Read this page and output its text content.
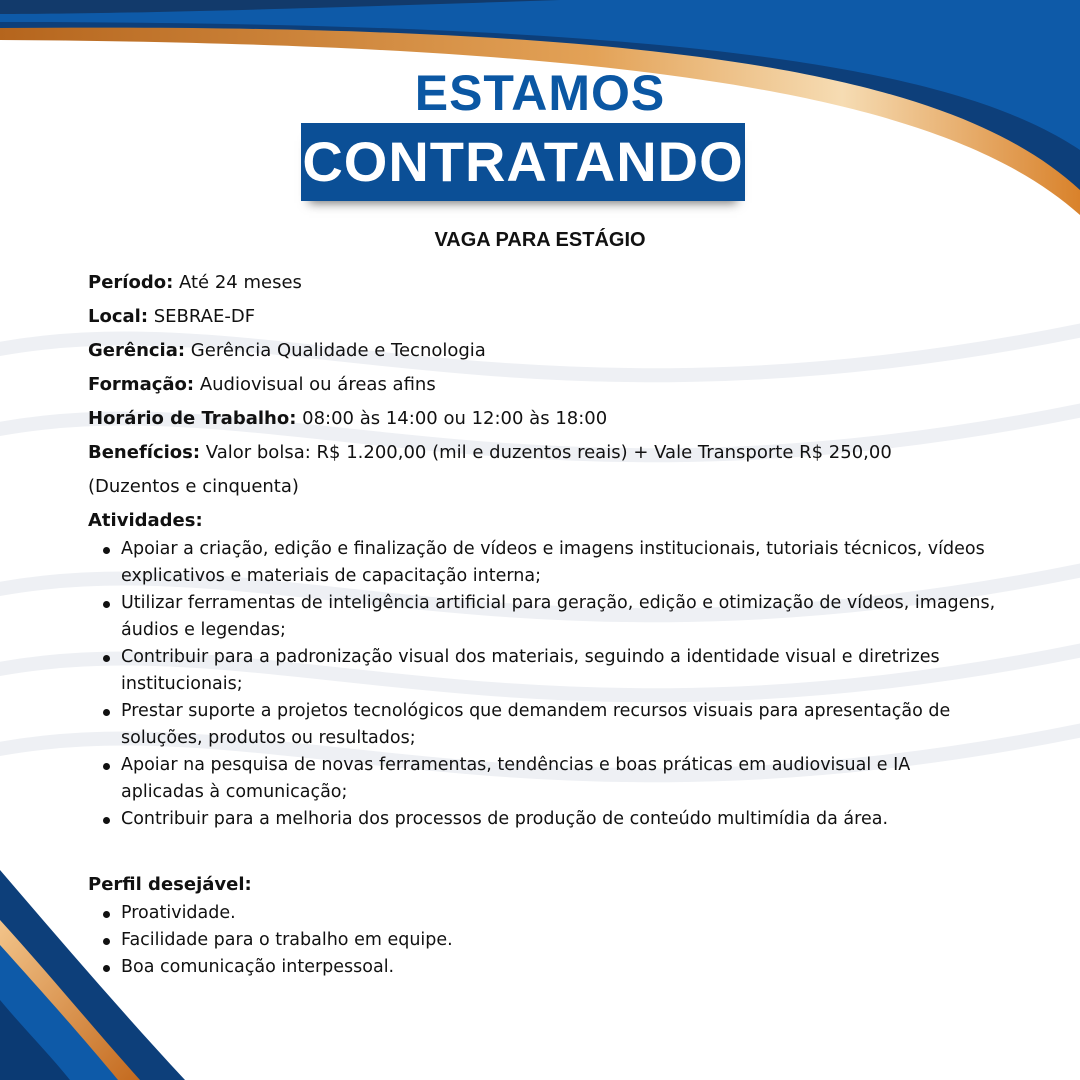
ESTAMOS
CONTRATANDO
VAGA PARA ESTÁGIO
Período: Até 24 meses
Local: SEBRAE-DF
Gerência: Gerência Qualidade e Tecnologia
Formação: Audiovisual ou áreas afins
Horário de Trabalho: 08:00 às 14:00 ou 12:00 às 18:00
Benefícios: Valor bolsa: R$ 1.200,00 (mil e duzentos reais) + Vale Transporte R$ 250,00
(Duzentos e cinquenta)
Atividades:
Apoiar a criação, edição e finalização de vídeos e imagens institucionais, tutoriais técnicos, vídeos explicativos e materiais de capacitação interna;
Utilizar ferramentas de inteligência artificial para geração, edição e otimização de vídeos, imagens, áudios e legendas;
Contribuir para a padronização visual dos materiais, seguindo a identidade visual e diretrizes institucionais;
Prestar suporte a projetos tecnológicos que demandem recursos visuais para apresentação de soluções, produtos ou resultados;
Apoiar na pesquisa de novas ferramentas, tendências e boas práticas em audiovisual e IA aplicadas à comunicação;
Contribuir para a melhoria dos processos de produção de conteúdo multimídia da área.
Perfil desejável:
Proatividade.
Facilidade para o trabalho em equipe.
Boa comunicação interpessoal.
